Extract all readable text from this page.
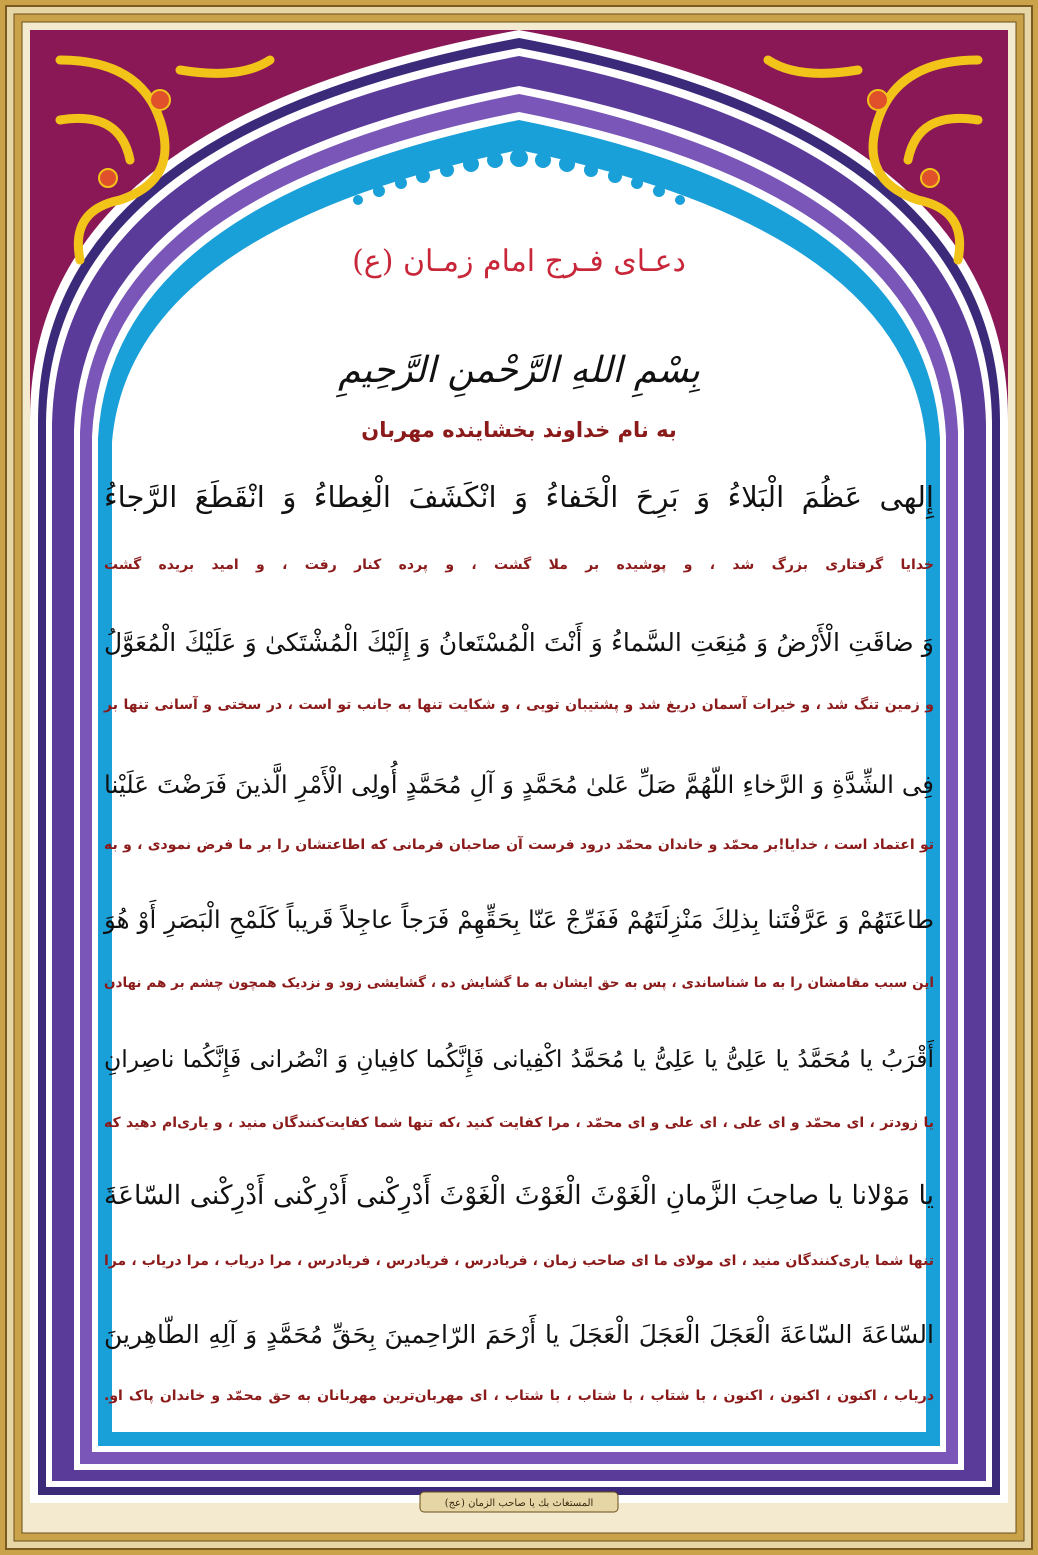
دعـای فـرج امام زمـان (ع)
بِسْمِ اللهِ الرَّحْمنِ الرَّحِیمِ
به نام خداوند بخشاینده مهربان
إِلهی عَظُمَ الْبَلاءُ وَ بَرِحَ الْخَفاءُ وَ انْکَشَفَ الْغِطاءُ وَ انْقَطَعَ الرَّجاءُ
خدایا گرفتاری بزرگ شد ، و پوشیده بر ملا گشت ، و پرده کنار رفت ، و امید بریده گشت
وَ ضاقَتِ الْأَرْضُ وَ مُنِعَتِ السَّماءُ وَ أَنْتَ الْمُسْتَعانُ وَ إِلَیْكَ الْمُشْتَکیٰ وَ عَلَیْكَ الْمُعَوَّلُ
و زمین تنگ شد ، و خیرات آسمان دریغ شد و پشتیبان تویی ، و شکایت تنها به جانب تو است ، در سختی و آسانی تنها بر
فِی الشِّدَّةِ وَ الرَّخاءِ اللّهُمَّ صَلِّ عَلیٰ مُحَمَّدٍ وَ آلِ مُحَمَّدٍ أُولِی الْأَمْرِ الَّذینَ فَرَضْتَ عَلَیْنا
تو اعتماد است ، خدایا!بر محمّد و خاندان محمّد درود فرست آن صاحبان فرمانی که اطاعتشان را بر ما فرض نمودی ، و به
طاعَتَهُمْ وَ عَرَّفْتَنا بِذلِكَ مَنْزِلَتَهُمْ فَفَرِّجْ عَنّا بِحَقِّهِمْ فَرَجاً عاجِلاً قَریباً کَلَمْحِ الْبَصَرِ أَوْ هُوَ
این سبب مقامشان را به ما شناساندی ، پس به حق ایشان به ما گشایش ده ، گشایشی زود و نزدیک همچون چشم بر هم نهادن
أَقْرَبُ یا مُحَمَّدُ یا عَلِیُّ یا عَلِیُّ یا مُحَمَّدُ اکْفِیانی فَإِنَّکُما کافِیانِ وَ انْصُرانی فَإِنَّکُما ناصِرانِ
یا زودتر ، ای محمّد و ای علی ، ای علی و ای محمّد ، مرا کفایت کنید ،که تنها شما کفایت‌کنندگان منید ، و یاری‌ام دهید که
یا مَوْلانا یا صاحِبَ الزَّمانِ الْغَوْثَ الْغَوْثَ الْغَوْثَ أَدْرِکْنی أَدْرِکْنی أَدْرِکْنی السّاعَةَ
تنها شما یاری‌کنندگان منید ، ای مولای ما ای صاحب زمان ، فریادرس ، فریادرس ، فریادرس ، مرا دریاب ، مرا دریاب ، مرا
السّاعَةَ السّاعَةَ الْعَجَلَ الْعَجَلَ الْعَجَلَ یا أَرْحَمَ الرّاحِمینَ بِحَقِّ مُحَمَّدٍ وَ آلِهِ الطّاهِرینَ
دریاب ، اکنون ، اکنون ، اکنون ، با شتاب ، با شتاب ، با شتاب ، ای مهربان‌ترین مهربانان به حق محمّد و خاندان پاک او.
المستغاث بك یا صاحب الزمان (عج)
